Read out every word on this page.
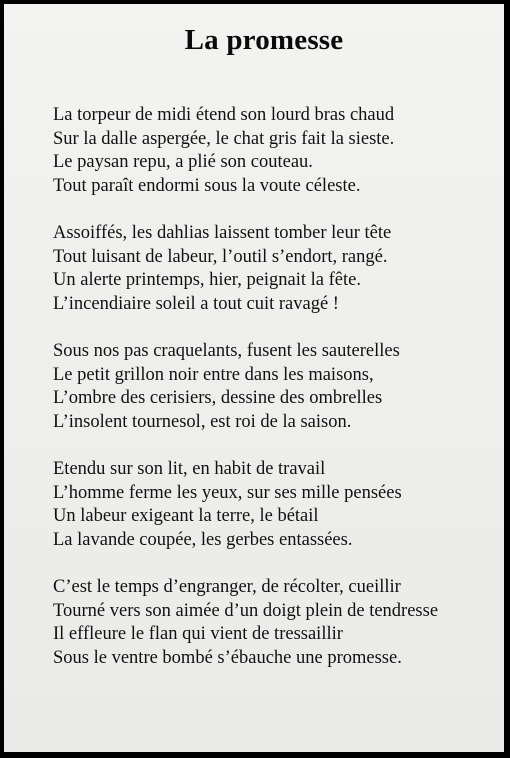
La promesse
La torpeur de midi étend son lourd bras chaud
Sur la dalle aspergée, le chat gris fait la sieste.
Le paysan repu, a plié son couteau.
Tout paraît endormi sous la voute céleste.
Assoiffés, les dahlias laissent tomber leur tête
Tout luisant de labeur, l’outil s’endort, rangé.
Un alerte printemps, hier, peignait la fête.
L’incendiaire soleil a tout cuit ravagé !
Sous nos pas craquelants, fusent les sauterelles
Le petit grillon noir entre dans les maisons,
L’ombre des cerisiers, dessine des ombrelles
L’insolent tournesol, est roi de la saison.
Etendu sur son lit, en habit de travail
L’homme ferme les yeux, sur ses mille pensées
Un labeur exigeant la terre, le bétail
La lavande coupée, les gerbes entassées.
C’est le temps d’engranger, de récolter, cueillir
Tourné vers son aimée d’un doigt plein de tendresse
Il effleure le flan qui vient de tressaillir
Sous le ventre bombé s’ébauche une promesse.
